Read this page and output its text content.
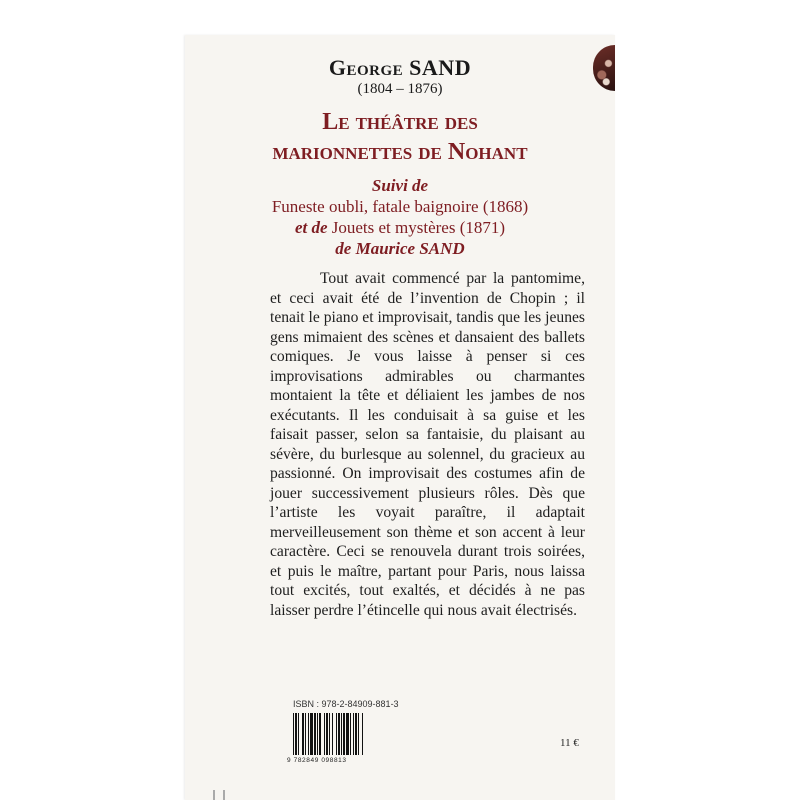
George SAND
(1804 – 1876)
Le théâtre des
marionnettes de Nohant
Suivi de
Funeste oubli, fatale baignoire (1868)
et de Jouets et mystères (1871)
de Maurice SAND

Tout avait commencé par la pantomime, et ceci avait été de l’invention de Chopin ; il tenait le piano et improvisait, tandis que les jeunes gens mimaient des scènes et dansaient des ballets comiques. Je vous laisse à penser si ces improvisations admirables ou charmantes montaient la tête et déliaient les jambes de nos exécutants. Il les conduisait à sa guise et les faisait passer, selon sa fantaisie, du plaisant au sévère, du burlesque au solennel, du gracieux au passionné. On improvisait des costumes afin de jouer successivement plusieurs rôles. Dès que l’artiste les voyait paraître, il adaptait merveilleusement son thème et son accent à leur caractère. Ceci se renouvela durant trois soirées, et puis le maître, partant pour Paris, nous laissa tout excités, tout exaltés, et décidés à ne pas laisser perdre l’étincelle qui nous avait électrisés.

ISBN : 978-2-84909-881-3
9 782849 098813
11 €
